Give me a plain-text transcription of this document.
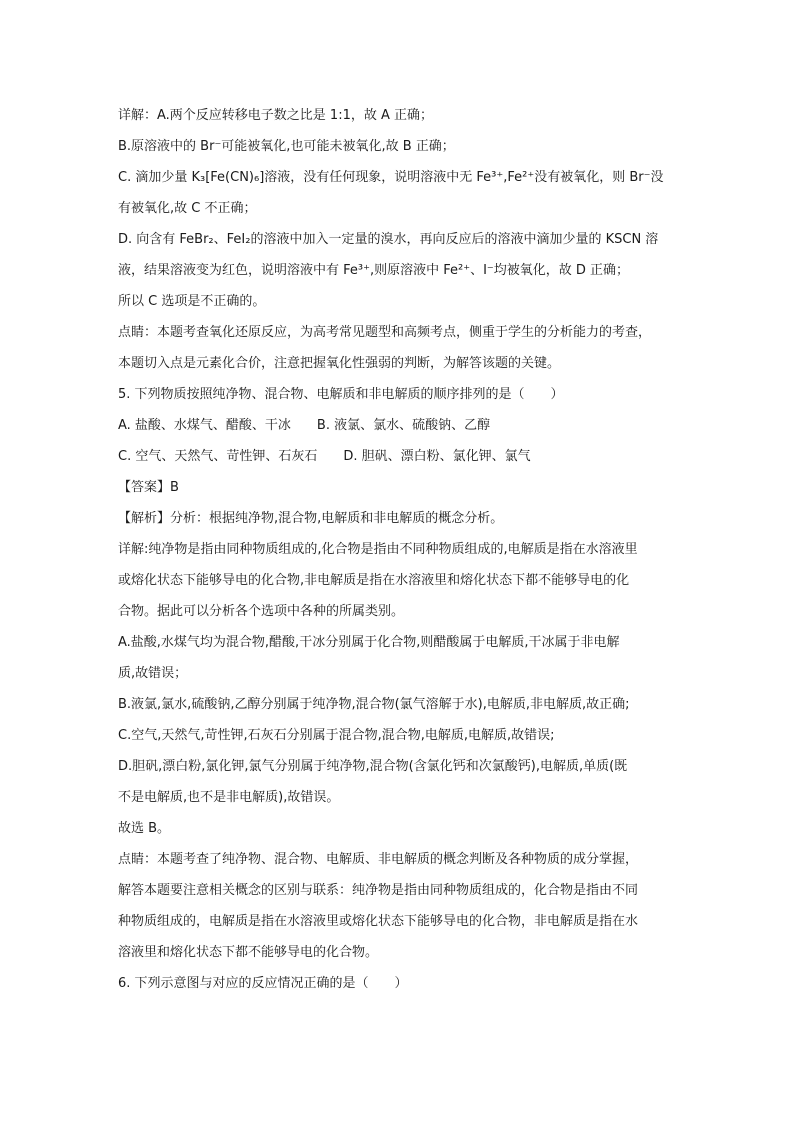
详解：A.两个反应转移电子数之比是 1:1，故 A 正确；
B.原溶液中的 Br⁻可能被氧化,也可能未被氧化,故 B 正确；
C. 滴加少量 K₃[Fe(CN)₆]溶液，没有任何现象，说明溶液中无 Fe³⁺,Fe²⁺没有被氧化，则 Br⁻没
有被氧化,故 C 不正确；
D. 向含有 FeBr₂、FeI₂的溶液中加入一定量的溴水，再向反应后的溶液中滴加少量的 KSCN 溶
液，结果溶液变为红色，说明溶液中有 Fe³⁺,则原溶液中 Fe²⁺、I⁻均被氧化，故 D 正确；
所以 C 选项是不正确的。
点睛：本题考查氧化还原反应，为高考常见题型和高频考点，侧重于学生的分析能力的考查，
本题切入点是元素化合价，注意把握氧化性强弱的判断，为解答该题的关键。
5. 下列物质按照纯净物、混合物、电解质和非电解质的顺序排列的是（　　）
A. 盐酸、水煤气、醋酸、干冰　　B. 液氯、氯水、硫酸钠、乙醇
C. 空气、天然气、苛性钾、石灰石　　D. 胆矾、漂白粉、氯化钾、氯气
【答案】B
【解析】分析：根据纯净物,混合物,电解质和非电解质的概念分析。
详解:纯净物是指由同种物质组成的,化合物是指由不同种物质组成的,电解质是指在水溶液里
或熔化状态下能够导电的化合物,非电解质是指在水溶液里和熔化状态下都不能够导电的化
合物。据此可以分析各个选项中各种的所属类别。
A.盐酸,水煤气均为混合物,醋酸,干冰分别属于化合物,则醋酸属于电解质,干冰属于非电解
质,故错误；
B.液氯,氯水,硫酸钠,乙醇分别属于纯净物,混合物(氯气溶解于水),电解质,非电解质,故正确;
C.空气,天然气,苛性钾,石灰石分别属于混合物,混合物,电解质,电解质,故错误;
D.胆矾,漂白粉,氯化钾,氯气分别属于纯净物,混合物(含氯化钙和次氯酸钙),电解质,单质(既
不是电解质,也不是非电解质),故错误。
故选 B。
点睛：本题考查了纯净物、混合物、电解质、非电解质的概念判断及各种物质的成分掌握，
解答本题要注意相关概念的区别与联系：纯净物是指由同种物质组成的，化合物是指由不同
种物质组成的，电解质是指在水溶液里或熔化状态下能够导电的化合物，非电解质是指在水
溶液里和熔化状态下都不能够导电的化合物。
6. 下列示意图与对应的反应情况正确的是（　　）
